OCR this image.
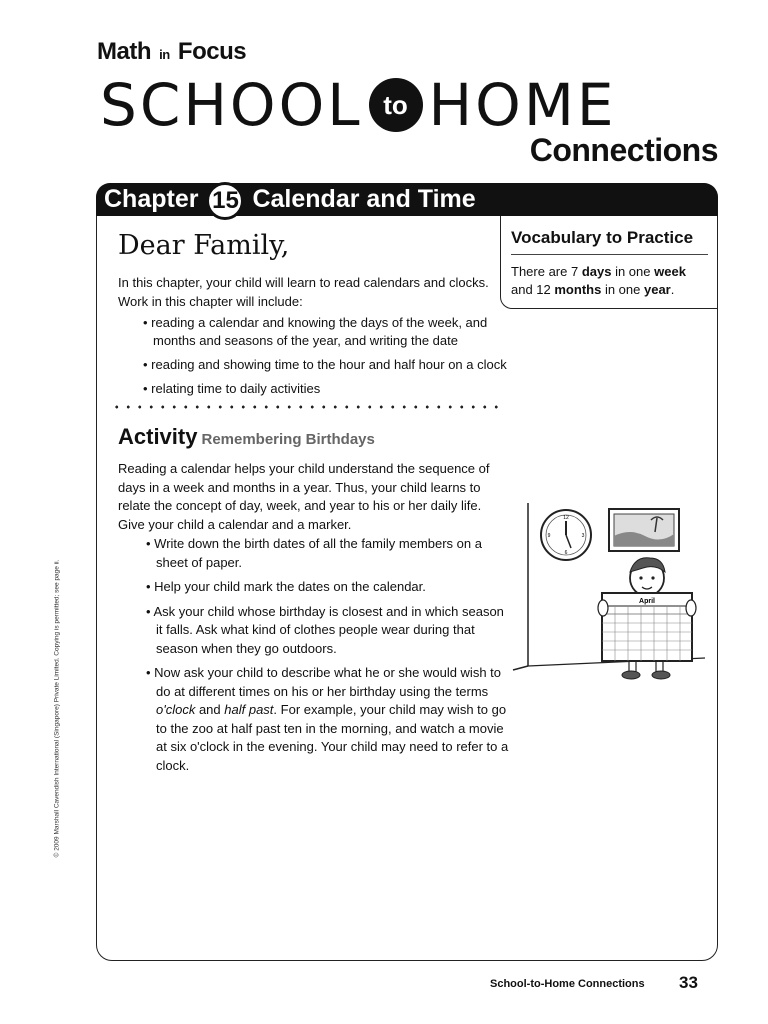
Math in Focus
SCHOOL to HOME
Connections
Chapter 15 Calendar and Time
Vocabulary to Practice
There are 7 days in one week and 12 months in one year.
Dear Family,
In this chapter, your child will learn to read calendars and clocks. Work in this chapter will include:
• reading a calendar and knowing the days of the week, and months and seasons of the year, and writing the date
• reading and showing time to the hour and half hour on a clock
• relating time to daily activities
Activity Remembering Birthdays
Reading a calendar helps your child understand the sequence of days in a week and months in a year. Thus, your child learns to relate the concept of day, week, and year to his or her daily life.
Give your child a calendar and a marker.
• Write down the birth dates of all the family members on a sheet of paper.
• Help your child mark the dates on the calendar.
• Ask your child whose birthday is closest and in which season it falls. Ask what kind of clothes people wear during that season when they go outdoors.
• Now ask your child to describe what he or she would wish to do at different times on his or her birthday using the terms o'clock and half past. For example, your child may wish to go to the zoo at half past ten in the morning, and watch a movie at six o'clock in the evening. Your child may need to refer to a clock.
12
3
6
9
April
© 2009 Marshall Cavendish International (Singapore) Private Limited. Copying is permitted; see page ii.
School-to-Home Connections 33
